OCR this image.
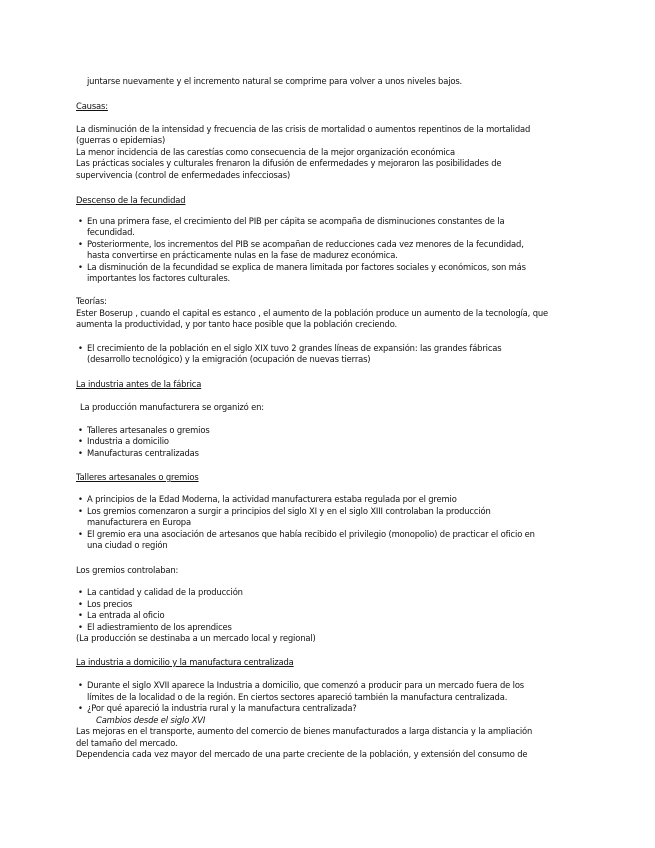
juntarse nuevamente y el incremento natural se comprime para volver a unos niveles bajos.
Causas:
La disminución de la intensidad y frecuencia de las crisis de mortalidad o aumentos repentinos de la mortalidad
(guerras o epidemias)
La menor incidencia de las carestías como consecuencia de la mejor organización económica
Las prácticas sociales y culturales frenaron la difusión de enfermedades y mejoraron las posibilidades de
supervivencia (control de enfermedades infecciosas)
Descenso de la fecundidad
• En una primera fase, el crecimiento del PIB per cápita se acompaña de disminuciones constantes de la
fecundidad.
• Posteriormente, los incrementos del PIB se acompañan de reducciones cada vez menores de la fecundidad,
hasta convertirse en prácticamente nulas en la fase de madurez económica.
• La disminución de la fecundidad se explica de manera limitada por factores sociales y económicos, son más
importantes los factores culturales.
Teorías:
Ester Boserup , cuando el capital es estanco , el aumento de la población produce un aumento de la tecnología, que
aumenta la productividad, y por tanto hace posible que la población creciendo.
• El crecimiento de la población en el siglo XIX tuvo 2 grandes líneas de expansión: las grandes fábricas
(desarrollo tecnológico) y la emigración (ocupación de nuevas tierras)
La industria antes de la fábrica
La producción manufacturera se organizó en:
• Talleres artesanales o gremios
• Industria a domicilio
• Manufacturas centralizadas
Talleres artesanales o gremios
• A principios de la Edad Moderna, la actividad manufacturera estaba regulada por el gremio
• Los gremios comenzaron a surgir a principios del siglo XI y en el siglo XIII controlaban la producción
manufacturera en Europa
• El gremio era una asociación de artesanos que había recibido el privilegio (monopolio) de practicar el oficio en
una ciudad o región
Los gremios controlaban:
• La cantidad y calidad de la producción
• Los precios
• La entrada al oficio
• El adiestramiento de los aprendices
(La producción se destinaba a un mercado local y regional)
La industria a domicilio y la manufactura centralizada
• Durante el siglo XVII aparece la Industria a domicilio, que comenzó a producir para un mercado fuera de los
límites de la localidad o de la región. En ciertos sectores apareció también la manufactura centralizada.
• ¿Por qué apareció la industria rural y la manufactura centralizada?
Cambios desde el siglo XVI
Las mejoras en el transporte, aumento del comercio de bienes manufacturados a larga distancia y la ampliación
del tamaño del mercado.
Dependencia cada vez mayor del mercado de una parte creciente de la población, y extensión del consumo de
